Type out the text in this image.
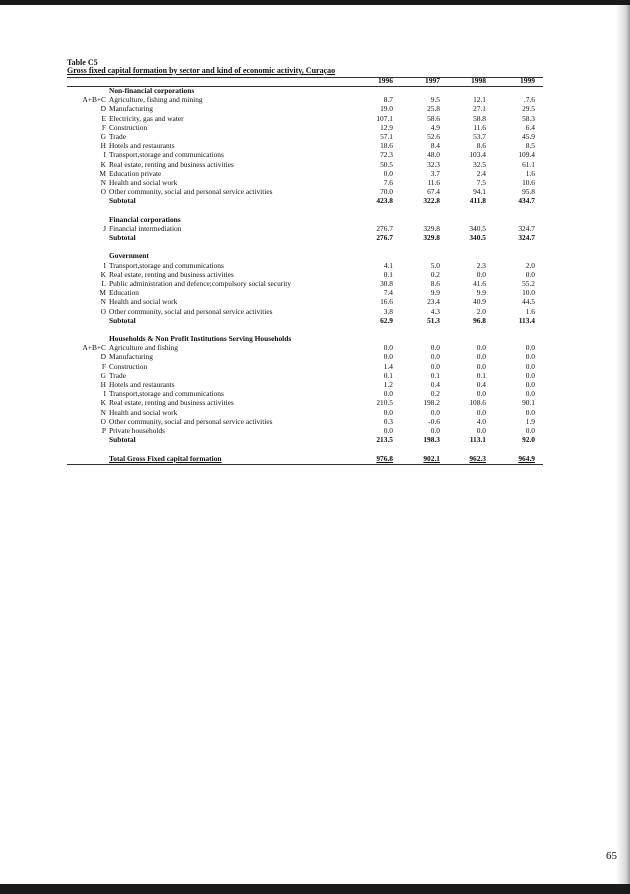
Table C5
Gross fixed capital formation by sector and kind of economic activity, Curaçao
1996	1997	1998	1999
Non-financial corporations
A+B+C Agriculture, fishing and mining	8.7	9.5	12.1	.7.6
D Manufacturing	19.0	25.8	27.1	29.5
E Electricity, gas and water	107.1	58.6	58.8	58.3
F Construction	12.9	4.9	11.6	6.4
G Trade	57.1	52.6	53.7	45.9
H Hotels and restaurants	18.6	8.4	8.6	8.5
I Transport,storage and communications	72.3	48.0	103.4	109.4
K Real estate, renting and business activities	50.5	32.3	32.5	61.1
M Education private	0.0	3.7	2.4	1.6
N Health and social work	7.6	11.6	7.5	10.6
O Other community, social and personal service activities	70.0	67.4	94.1	95.8
Subtotal	423.8	322.8	411.8	434.7
Financial corporations
J Financial intermediation	276.7	329.8	340.5	324.7
Subtotal	276.7	329.8	340.5	324.7
Government
I Transport,storage and communications	4.1	5.0	2.3	2.0
K Real estate, renting and business activities	0.1	0.2	0.0	0.0
L Public administration and defence;compulsory social security	30.8	8.6	41.6	55.2
M Education	7.4	9.9	9.9	10.0
N Health and social work	16.6	23.4	40.9	44.5
O Other community, social and personal service activities	3.8	4.3	2.0	1.6
Subtotal	62.9	51.3	96.8	113.4
Households & Non Profit Institutions Serving Households
A+B+C Agriculture and fishing	0.0	0.0	0.0	0.0
D Manufacturing	0.0	0.0	0.0	0.0
F Construction	1.4	0.0	0.0	0.0
G Trade	0.1	0.1	0.1	0.0
H Hotels and restaurants	1.2	0.4	0.4	0.0
I Transport,storage and communications	0.0	0.2	0.0	0.0
K Real estate, renting and business activities	210.5	198.2	108.6	90.1
N Health and social work	0.0	0.0	0.0	0.0
O Other community, social and personal service activities	0.3	-0.6	4.0	1.9
P Private households	0.0	0.0	0.0	0.0
Subtotal	213.5	198.3	113.1	92.0
Total Gross Fixed capital formation	976.8	902.1	962.3	964.9
65
